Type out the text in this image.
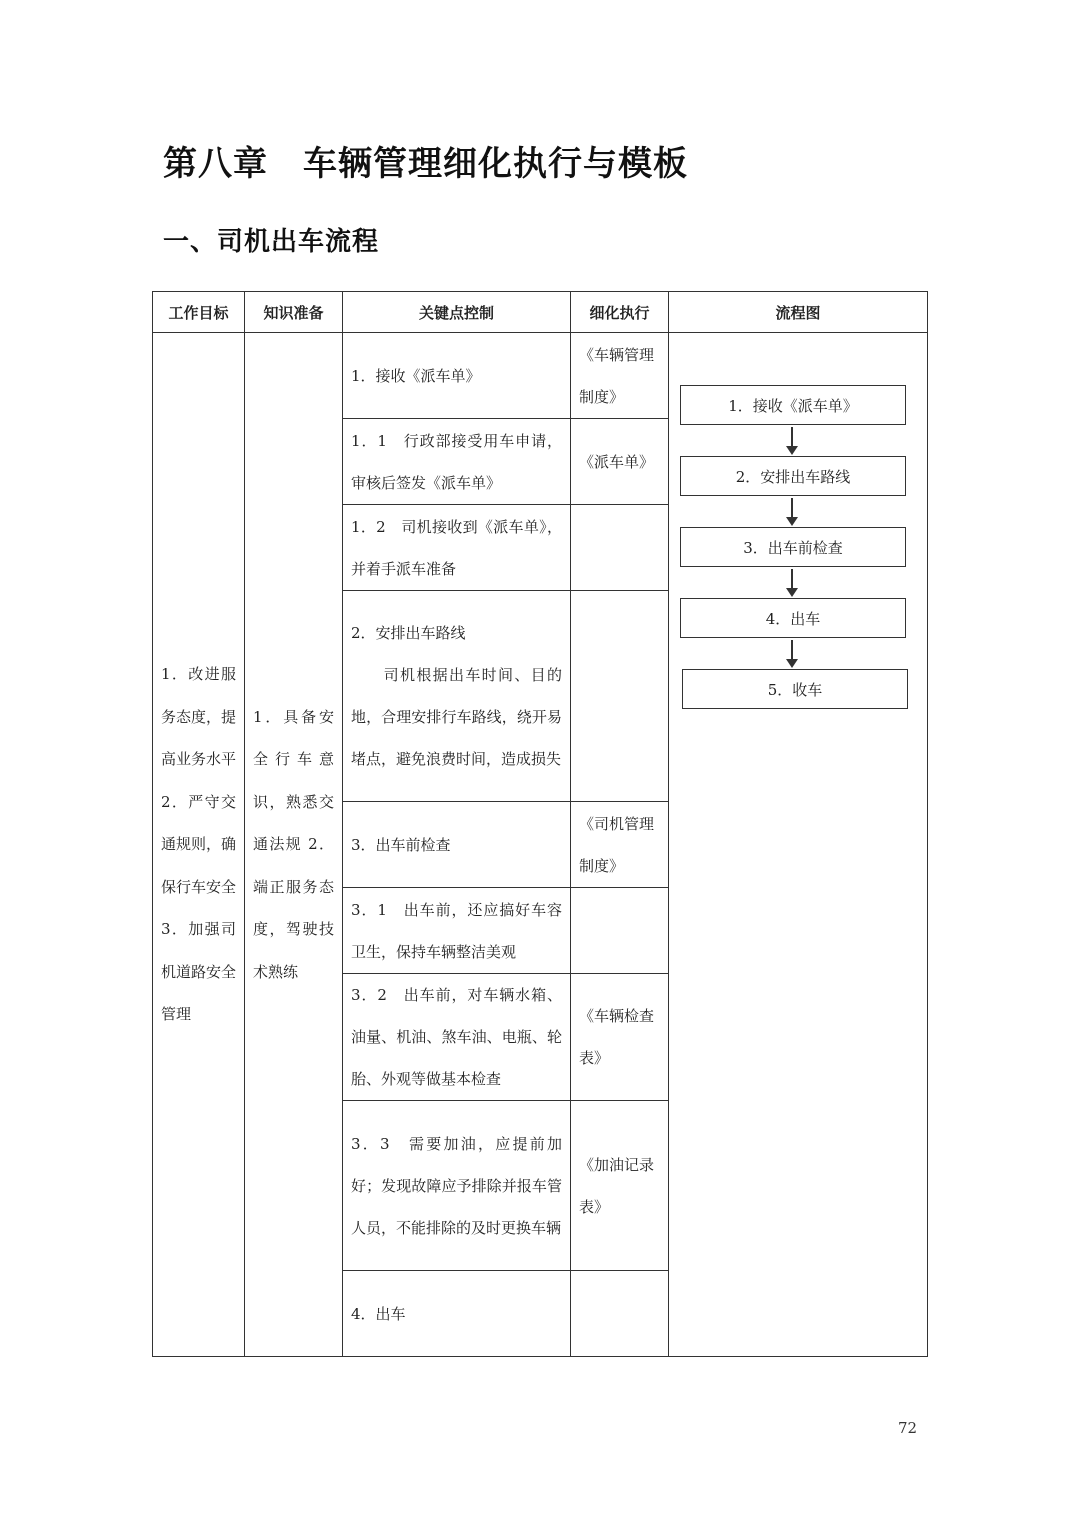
第八章　车辆管理细化执行与模板
一、司机出车流程
工作目标	知识准备	关键点控制	细化执行	流程图
1．改进服务态度，提高业务水平 2．严守交通规则，确保行车安全 3．加强司机道路安全管理	1．具备安全行车意识，熟悉交通法规 2．端正服务态度，驾驶技术熟练	1．接收《派车单》	《车辆管理制度》	1．接收《派车单》
2．安排出车路线
3．出车前检查
4．出车
5．收车

		1．1　行政部接受用车申请，审核后签发《派车单》	《派车单》	
		1．2　司机接收到《派车单》，并着手派车准备		
		2．安排出车路线
　　司机根据出车时间、目的地，合理安排行车路线，绕开易堵点，避免浪费时间，造成损失		
		3．出车前检查	《司机管理制度》	
		3．1　出车前，还应搞好车容卫生，保持车辆整洁美观		
		3．2　出车前，对车辆水箱、油量、机油、煞车油、电瓶、轮胎、外观等做基本检查	《车辆检查表》	
		3．3　需要加油，应提前加好；发现故障应予排除并报车管人员，不能排除的及时更换车辆	《加油记录表》	
		4．出车		
72
